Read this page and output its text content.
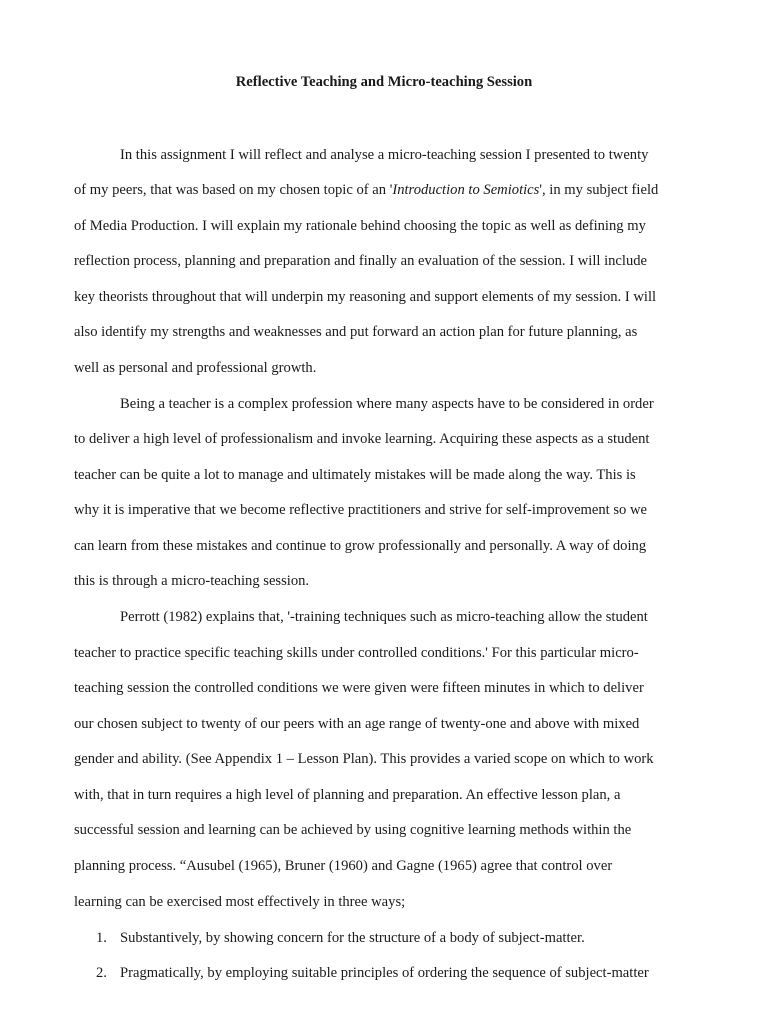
Reflective Teaching and Micro-teaching Session
In this assignment I will reflect and analyse a micro-teaching session I presented to twenty
of my peers, that was based on my chosen topic of an 'Introduction to Semiotics', in my subject field
of Media Production. I will explain my rationale behind choosing the topic as well as defining my
reflection process, planning and preparation and finally an evaluation of the session. I will include
key theorists throughout that will underpin my reasoning and support elements of my session. I will
also identify my strengths and weaknesses and put forward an action plan for future planning, as
well as personal and professional growth.
Being a teacher is a complex profession where many aspects have to be considered in order
to deliver a high level of professionalism and invoke learning. Acquiring these aspects as a student
teacher can be quite a lot to manage and ultimately mistakes will be made along the way. This is
why it is imperative that we become reflective practitioners and strive for self-improvement so we
can learn from these mistakes and continue to grow professionally and personally. A way of doing
this is through a micro-teaching session.
Perrott (1982) explains that, '-training techniques such as micro-teaching allow the student
teacher to practice specific teaching skills under controlled conditions.' For this particular micro-
teaching session the controlled conditions we were given were fifteen minutes in which to deliver
our chosen subject to twenty of our peers with an age range of twenty-one and above with mixed
gender and ability. (See Appendix 1 – Lesson Plan). This provides a varied scope on which to work
with, that in turn requires a high level of planning and preparation. An effective lesson plan, a
successful session and learning can be achieved by using cognitive learning methods within the
planning process. “Ausubel (1965), Bruner (1960) and Gagne (1965) agree that control over
learning can be exercised most effectively in three ways;
1. Substantively, by showing concern for the structure of a body of subject-matter.
2. Pragmatically, by employing suitable principles of ordering the sequence of subject-matter
